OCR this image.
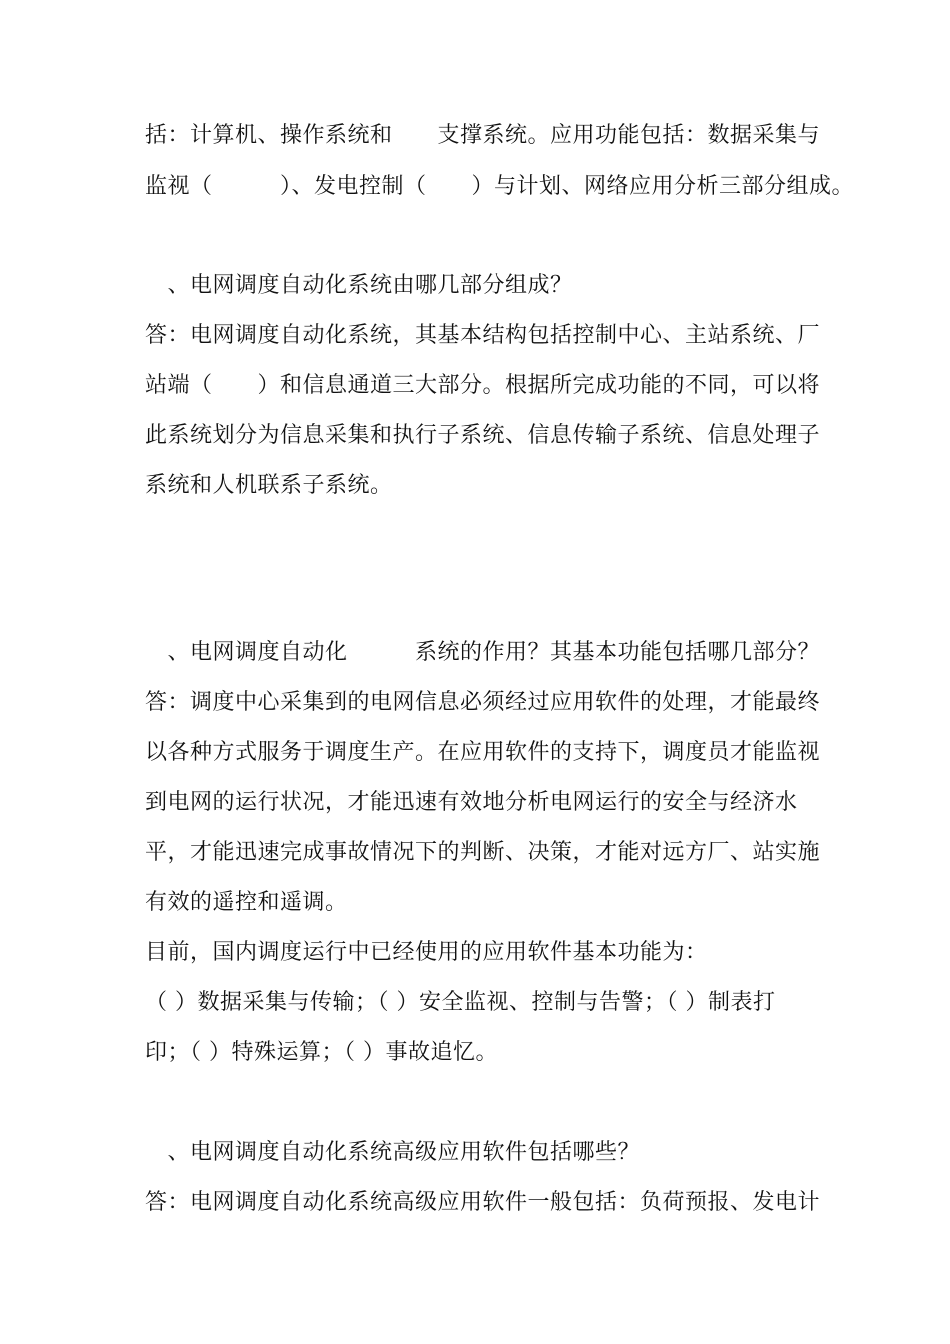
括：计算机、操作系统和　　支撑系统。应用功能包括：数据采集与
监视（　　　）、发电控制（　　）与计划、网络应用分析三部分组成。
　、电网调度自动化系统由哪几部分组成？
答：电网调度自动化系统，其基本结构包括控制中心、主站系统、厂
站端（　　）和信息通道三大部分。根据所完成功能的不同，可以将
此系统划分为信息采集和执行子系统、信息传输子系统、信息处理子
系统和人机联系子系统。
　、电网调度自动化　　　系统的作用？其基本功能包括哪几部分？
答：调度中心采集到的电网信息必须经过应用软件的处理，才能最终
以各种方式服务于调度生产。在应用软件的支持下，调度员才能监视
到电网的运行状况，才能迅速有效地分析电网运行的安全与经济水
平，才能迅速完成事故情况下的判断、决策，才能对远方厂、站实施
有效的遥控和遥调。
目前，国内调度运行中已经使用的应用软件基本功能为：
（ ）数据采集与传输；（ ）安全监视、控制与告警；（ ）制表打
印；（ ）特殊运算；（ ）事故追忆。
　、电网调度自动化系统高级应用软件包括哪些？
答：电网调度自动化系统高级应用软件一般包括：负荷预报、发电计
